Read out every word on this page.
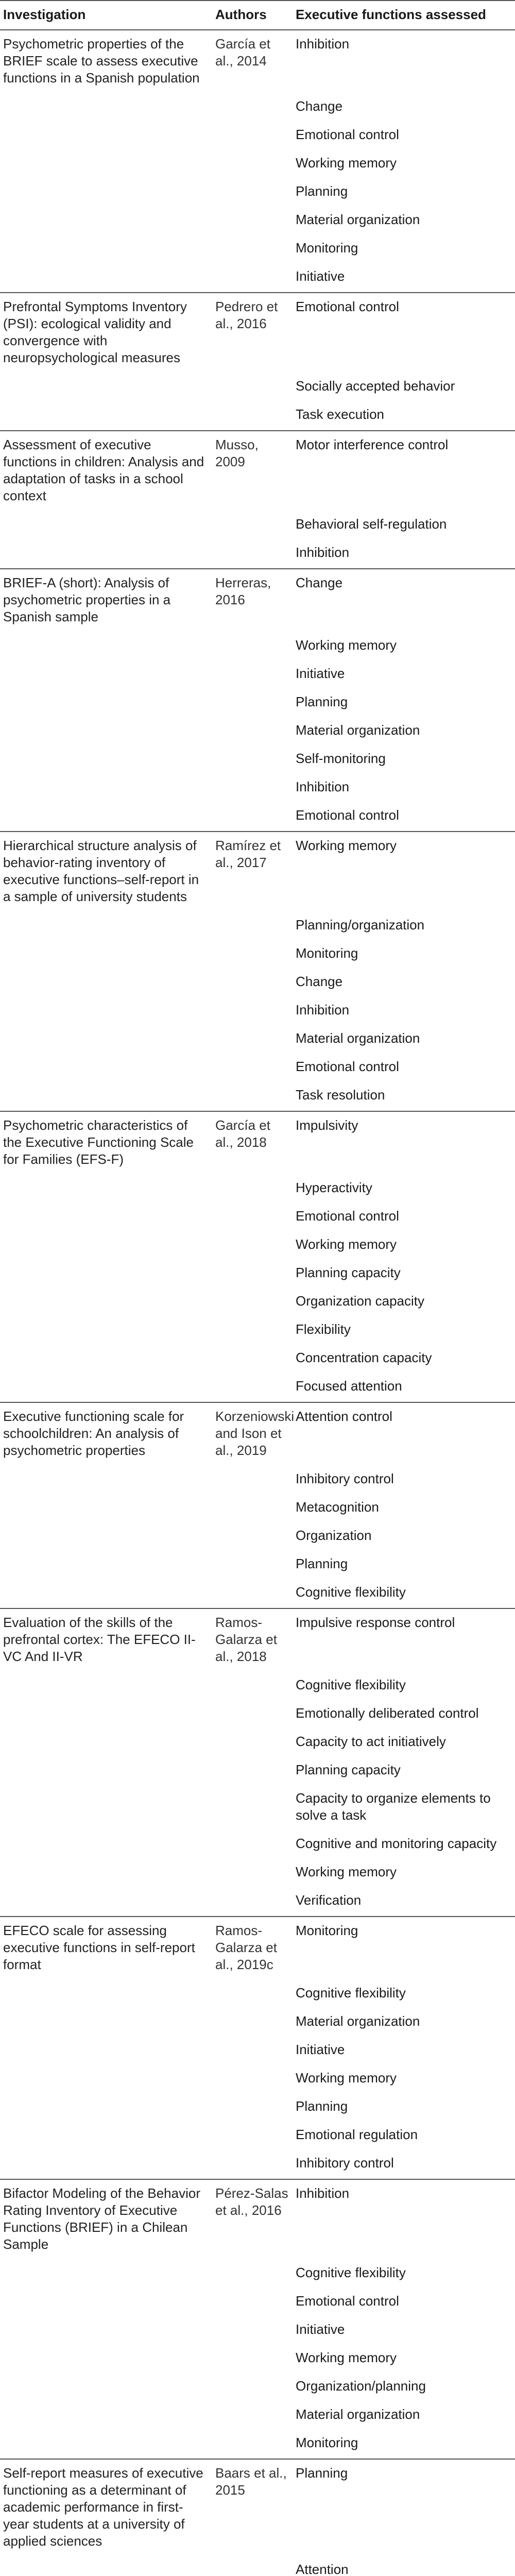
Investigation	Authors	Executive functions assessed
Psychometric properties of the BRIEF scale to assess executive functions in a Spanish population	García et al., 2014	Inhibition
		Change
		Emotional control
		Working memory
		Planning
		Material organization
		Monitoring
		Initiative
Prefrontal Symptoms Inventory (PSI): ecological validity and convergence with neuropsychological measures	Pedrero et al., 2016	Emotional control
		Socially accepted behavior
		Task execution
Assessment of executive functions in children: Analysis and adaptation of tasks in a school context	Musso, 2009	Motor interference control
		Behavioral self-regulation
		Inhibition
BRIEF-A (short): Analysis of psychometric properties in a Spanish sample	Herreras, 2016	Change
		Working memory
		Initiative
		Planning
		Material organization
		Self-monitoring
		Inhibition
		Emotional control
Hierarchical structure analysis of behavior-rating inventory of executive functions–self-report in a sample of university students	Ramírez et al., 2017	Working memory
		Planning/organization
		Monitoring
		Change
		Inhibition
		Material organization
		Emotional control
		Task resolution
Psychometric characteristics of the Executive Functioning Scale for Families (EFS-F)	García et al., 2018	Impulsivity
		Hyperactivity
		Emotional control
		Working memory
		Planning capacity
		Organization capacity
		Flexibility
		Concentration capacity
		Focused attention
Executive functioning scale for schoolchildren: An analysis of psychometric properties	Korzeniowski and Ison et al., 2019	Attention control
		Inhibitory control
		Metacognition
		Organization
		Planning
		Cognitive flexibility
Evaluation of the skills of the prefrontal cortex: The EFECO II-VC And II-VR	Ramos-Galarza et al., 2018	Impulsive response control
		Cognitive flexibility
		Emotionally deliberated control
		Capacity to act initiatively
		Planning capacity
		Capacity to organize elements to solve a task
		Cognitive and monitoring capacity
		Working memory
		Verification
EFECO scale for assessing executive functions in self-report format	Ramos-Galarza et al., 2019c	Monitoring
		Cognitive flexibility
		Material organization
		Initiative
		Working memory
		Planning
		Emotional regulation
		Inhibitory control
Bifactor Modeling of the Behavior Rating Inventory of Executive Functions (BRIEF) in a Chilean Sample	Pérez-Salas et al., 2016	Inhibition
		Cognitive flexibility
		Emotional control
		Initiative
		Working memory
		Organization/planning
		Material organization
		Monitoring
Self-report measures of executive functioning as a determinant of academic performance in first-year students at a university of applied sciences	Baars et al., 2015	Planning
		Attention
